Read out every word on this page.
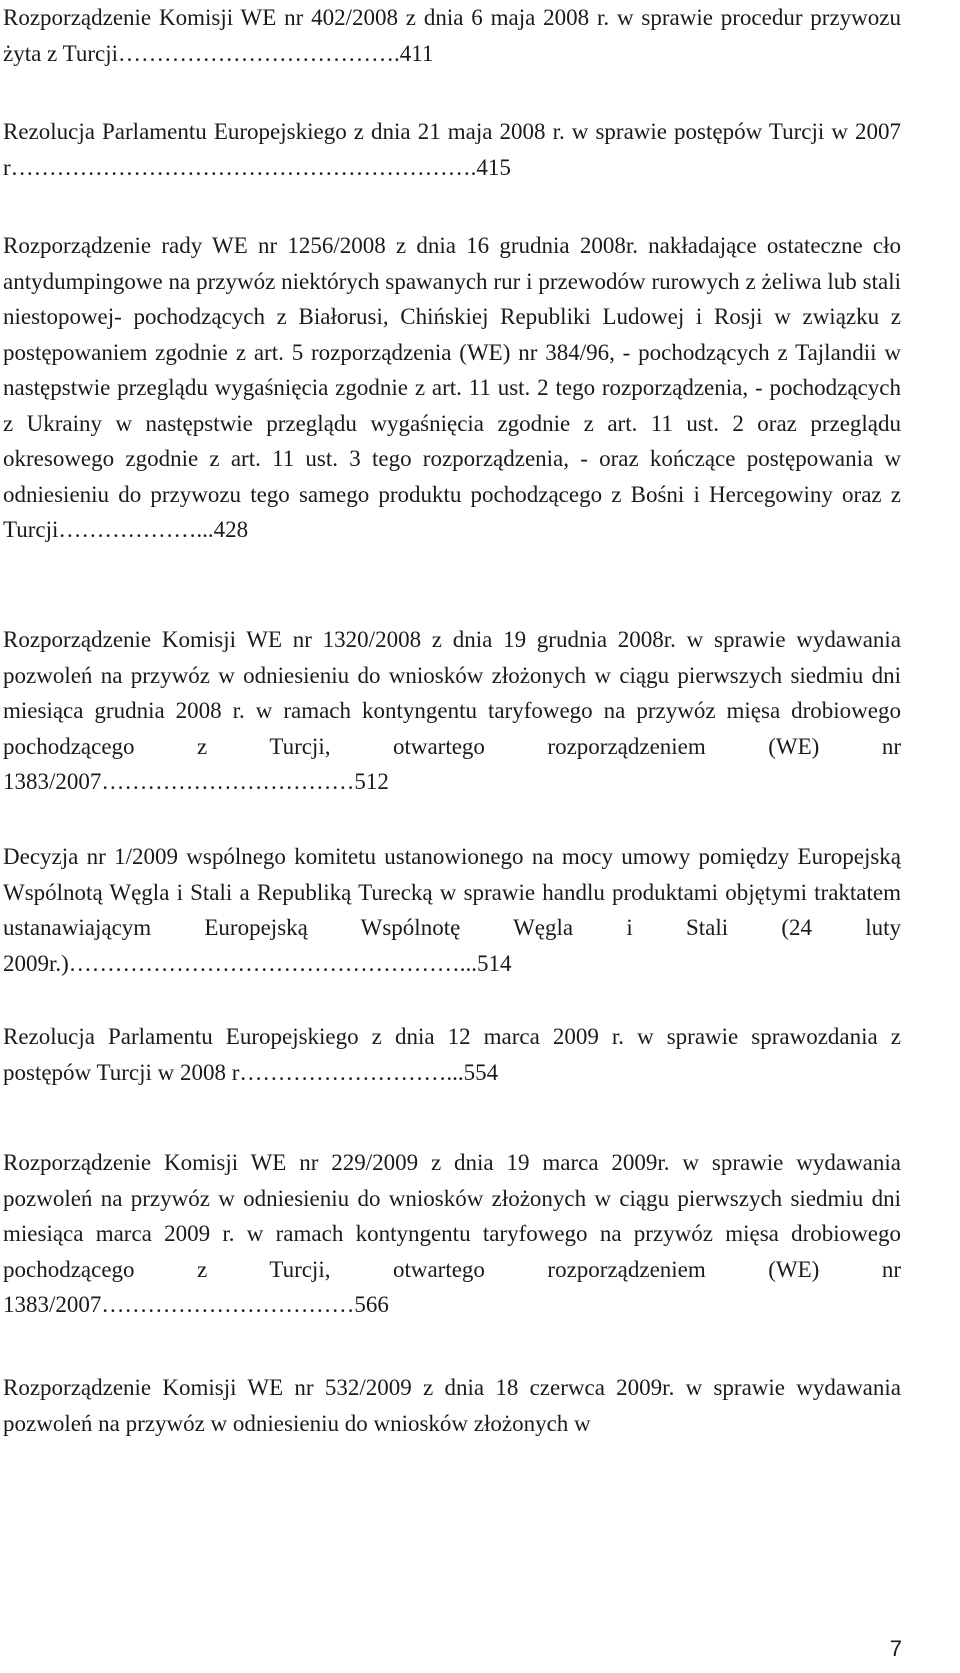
Rozporządzenie Komisji WE nr 402/2008 z dnia 6 maja 2008 r. w sprawie procedur przywozu żyta z Turcji……………………………….411

Rezolucja Parlamentu Europejskiego z dnia 21 maja 2008 r. w sprawie postępów Turcji w 2007 r…………………………………………………….415

Rozporządzenie rady WE nr 1256/2008 z dnia 16 grudnia 2008r. nakładające ostateczne cło antydumpingowe na przywóz niektórych spawanych rur i przewodów rurowych z żeliwa lub stali niestopowej- pochodzących z Białorusi, Chińskiej Republiki Ludowej i Rosji w związku z postępowaniem zgodnie z art. 5 rozporządzenia (WE) nr 384/96, - pochodzących z Tajlandii w następstwie przeglądu wygaśnięcia zgodnie z art. 11 ust. 2 tego rozporządzenia, - pochodzących z Ukrainy w następstwie przeglądu wygaśnięcia zgodnie z art. 11 ust. 2 oraz przeglądu okresowego zgodnie z art. 11 ust. 3 tego rozporządzenia, - oraz kończące postępowania w odniesieniu do przywozu tego samego produktu pochodzącego z Bośni i Hercegowiny oraz z Turcji………………...428

Rozporządzenie Komisji WE nr 1320/2008 z dnia 19 grudnia 2008r. w sprawie wydawania pozwoleń na przywóz w odniesieniu do wniosków złożonych w ciągu pierwszych siedmiu dni miesiąca grudnia 2008 r. w ramach kontyngentu taryfowego na przywóz mięsa drobiowego pochodzącego z Turcji, otwartego rozporządzeniem (WE) nr 1383/2007……………………………512

Decyzja nr 1/2009 wspólnego komitetu ustanowionego na mocy umowy pomiędzy Europejską Wspólnotą Węgla i Stali a Republiką Turecką w sprawie handlu produktami objętymi traktatem ustanawiającym Europejską Wspólnotę Węgla i Stali (24 luty 2009r.)……………………………………………...514

Rezolucja Parlamentu Europejskiego z dnia 12 marca 2009 r. w sprawie sprawozdania z postępów Turcji w 2008 r………………………...554

Rozporządzenie Komisji WE nr 229/2009 z dnia 19 marca 2009r. w sprawie wydawania pozwoleń na przywóz w odniesieniu do wniosków złożonych w ciągu pierwszych siedmiu dni miesiąca marca 2009 r. w ramach kontyngentu taryfowego na przywóz mięsa drobiowego pochodzącego z Turcji, otwartego rozporządzeniem (WE) nr 1383/2007……………………………566

Rozporządzenie Komisji WE nr 532/2009 z dnia 18 czerwca 2009r. w sprawie wydawania pozwoleń na przywóz w odniesieniu do wniosków złożonych w

7
